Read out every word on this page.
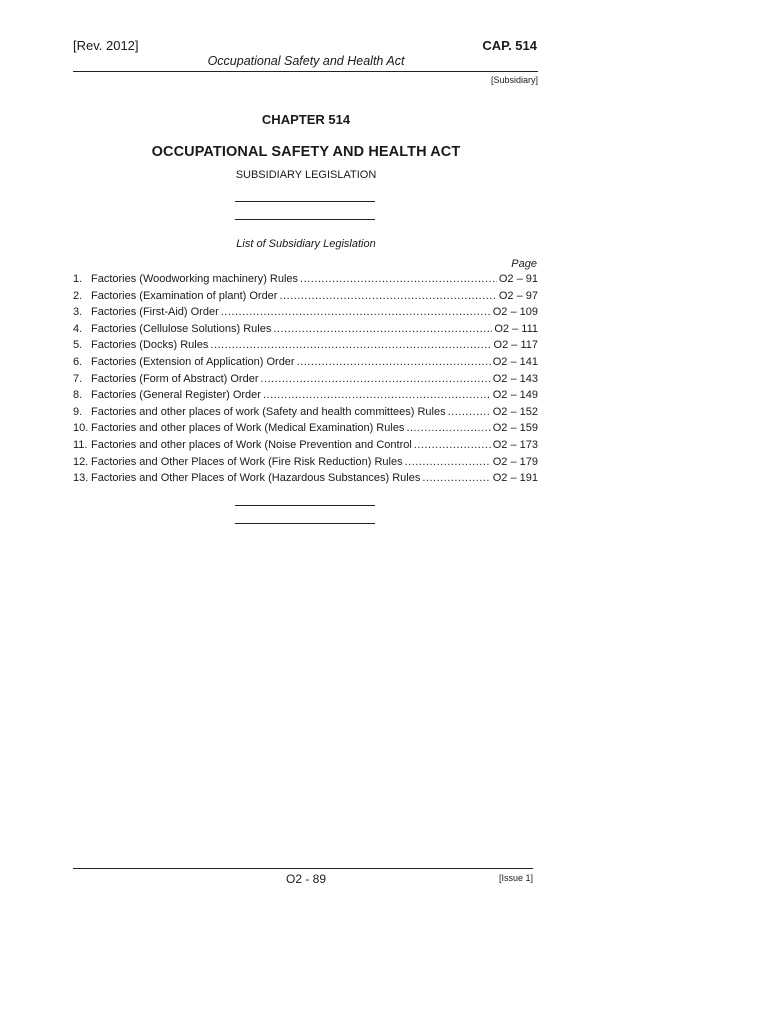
[Rev. 2012]	CAP. 514
Occupational Safety and Health Act
[Subsidiary]
CHAPTER 514
OCCUPATIONAL SAFETY AND HEALTH ACT
SUBSIDIARY LEGISLATION
List of Subsidiary Legislation
Page
1. Factories (Woodworking machinery) Rules .....	O2 – 91
2. Factories (Examination of plant) Order .....	O2 – 97
3. Factories (First-Aid) Order .....	O2 – 109
4. Factories (Cellulose Solutions) Rules .....	O2 – 111
5. Factories (Docks) Rules .....	O2 – 117
6. Factories (Extension of Application) Order .....	O2 – 141
7. Factories (Form of Abstract) Order .....	O2 – 143
8. Factories (General Register) Order .....	O2 – 149
9. Factories and other places of work (Safety and health committees) Rules .....	O2 – 152
10. Factories and other places of Work (Medical Examination) Rules .....	O2 – 159
11. Factories and other places of Work (Noise Prevention and Control .....	O2 – 173
12. Factories and Other Places of Work (Fire Risk Reduction) Rules .....	O2 – 179
13. Factories and Other Places of Work (Hazardous Substances) Rules .....	O2 – 191
O2 - 89	[Issue 1]
